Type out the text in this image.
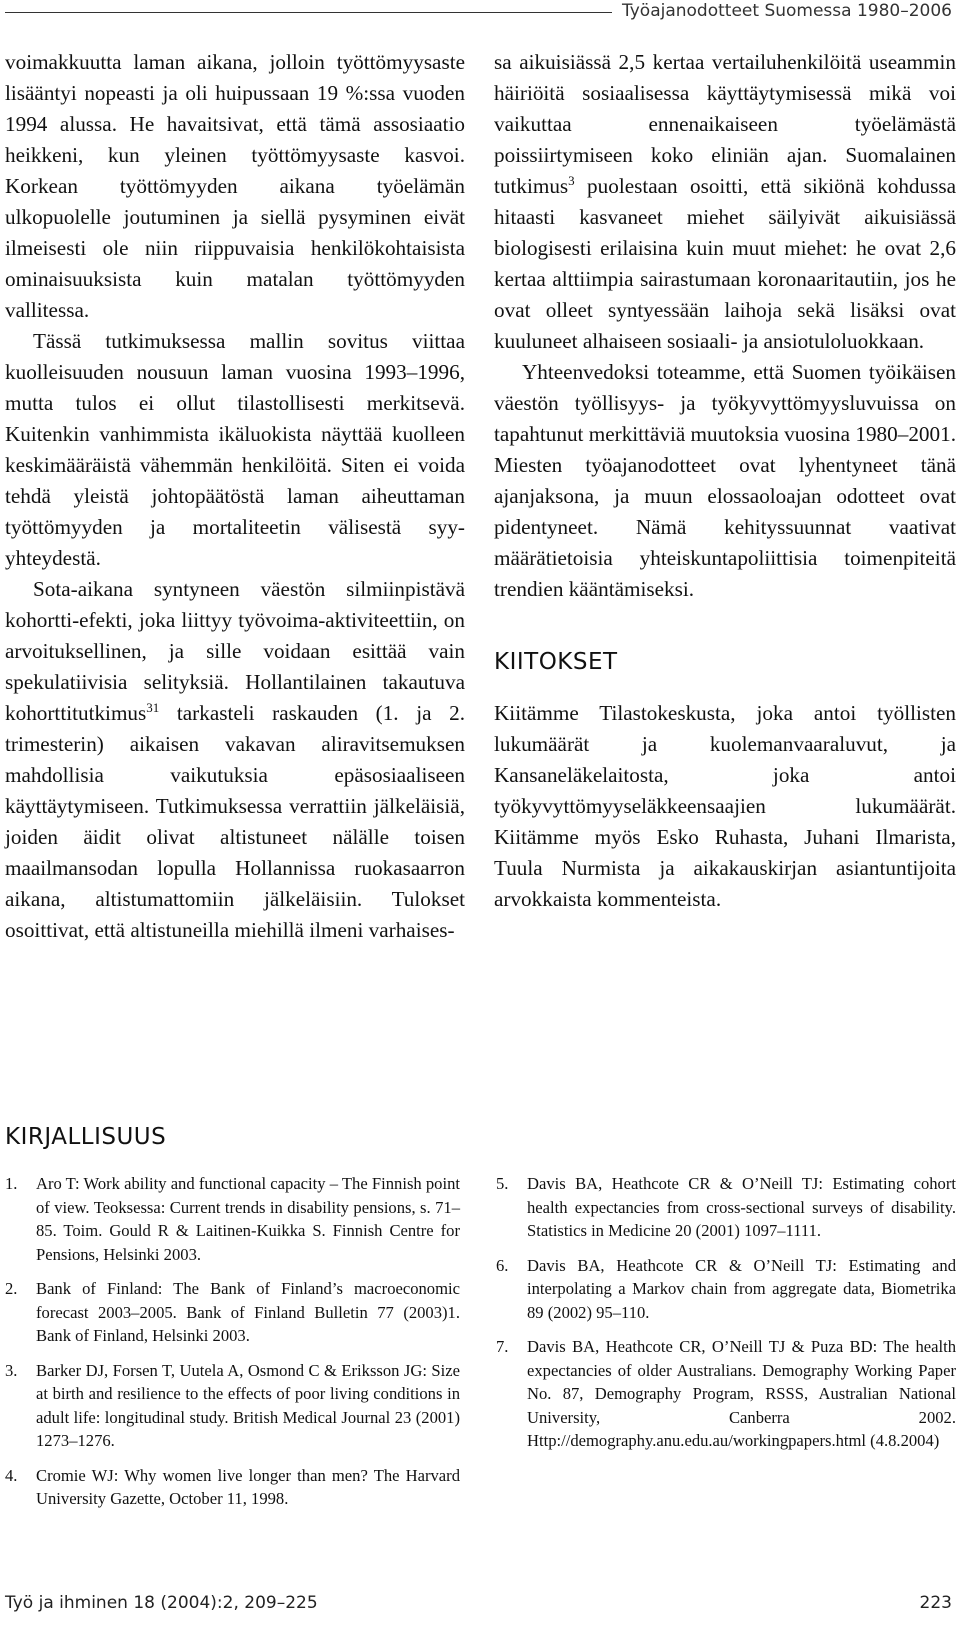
Työajanodotteet Suomessa 1980–2006

voimakkuutta laman aikana, jolloin työttömyysaste lisääntyi nopeasti ja oli huipussaan 19 %:ssa vuoden 1994 alussa. He havaitsivat, että tämä assosiaatio heikkeni, kun yleinen työttömyysaste kasvoi. Korkean työttömyyden aikana työelämän ulkopuolelle joutuminen ja siellä pysyminen eivät ilmeisesti ole niin riippuvaisia henkilökohtaisista ominaisuuksista kuin matalan työttömyyden vallitessa.

Tässä tutkimuksessa mallin sovitus viittaa kuolleisuuden nousuun laman vuosina 1993–1996, mutta tulos ei ollut tilastollisesti merkitsevä. Kuitenkin vanhimmista ikäluokista näyttää kuolleen keskimääräistä vähemmän henkilöitä. Siten ei voida tehdä yleistä johtopäätöstä laman aiheuttaman työttömyyden ja mortaliteetin välisestä syy-yhteydestä.

Sota-aikana syntyneen väestön silmiinpistävä kohortti-efekti, joka liittyy työvoima-aktiviteettiin, on arvoituksellinen, ja sille voidaan esittää vain spekulatiivisia selityksiä. Hollantilainen takautuva kohorttitutkimus$^{31}$ tarkasteli raskauden (1. ja 2. trimesterin) aikaisen vakavan aliravitsemuksen mahdollisia vaikutuksia epäsosiaaliseen käyttäytymiseen. Tutkimuksessa verrattiin jälkeläisiä, joiden äidit olivat altistuneet nälälle toisen maailmansodan lopulla Hollannissa ruokasaarron aikana, altistumattomiin jälkeläisiin. Tulokset osoittivat, että altistuneilla miehillä ilmeni varhaises-

sa aikuisiässä 2,5 kertaa vertailuhenkilöitä useammin häiriöitä sosiaalisessa käyttäytymisessä mikä voi vaikuttaa ennenaikaiseen työelämästä poissiirtymiseen koko eliniän ajan. Suomalainen tutkimus$^3$ puolestaan osoitti, että sikiönä kohdussa hitaasti kasvaneet miehet säilyivät aikuisiässä biologisesti erilaisina kuin muut miehet: he ovat 2,6 kertaa alttiimpia sairastumaan koronaaritautiin, jos he ovat olleet syntyessään laihoja sekä lisäksi ovat kuuluneet alhaiseen sosiaali- ja ansiotuloluokkaan.

Yhteenvedoksi toteamme, että Suomen työikäisen väestön työllisyys- ja työkyvyttömyysluvuissa on tapahtunut merkittäviä muutoksia vuosina 1980–2001. Miesten työajanodotteet ovat lyhentyneet tänä ajanjaksona, ja muun elossaoloajan odotteet ovat pidentyneet. Nämä kehityssuunnat vaativat määrätietoisia yhteiskuntapoliittisia toimenpiteitä trendien kääntämiseksi.

KIITOKSET

Kiitämme Tilastokeskusta, joka antoi työllisten lukumäärät ja kuolemanvaaraluvut, ja Kansaneläkelaitosta, joka antoi työkyvyttömyyseläkkeensaajien lukumäärät. Kiitämme myös Esko Ruhasta, Juhani Ilmarista, Tuula Nurmista ja aikakauskirjan asiantuntijoita arvokkaista kommenteista.

KIRJALLISUUS
1.	Aro T: Work ability and functional capacity – The Finnish point of view. Teoksessa: Current trends in disability pensions, s. 71–85. Toim. Gould R & Laitinen-Kuikka S. Finnish Centre for Pensions, Helsinki 2003.
2.	Bank of Finland: The Bank of Finland’s macroeconomic forecast 2003–2005. Bank of Finland Bulletin 77 (2003)1. Bank of Finland, Helsinki 2003.
3.	Barker DJ, Forsen T, Uutela A, Osmond C & Eriksson JG: Size at birth and resilience to the effects of poor living conditions in adult life: longitudinal study. British Medical Journal 23 (2001) 1273–1276.
4.	Cromie WJ: Why women live longer than men? The Harvard University Gazette, October 11, 1998.
5.	Davis BA, Heathcote CR & O’Neill TJ: Estimating cohort health expectancies from cross-sectional surveys of disability. Statistics in Medicine 20 (2001) 1097–1111.
6.	Davis BA, Heathcote CR & O’Neill TJ: Estimating and interpolating a Markov chain from aggregate data, Biometrika 89 (2002) 95–110.
7.	Davis BA, Heathcote CR, O’Neill TJ & Puza BD: The health expectancies of older Australians. Demography Working Paper No. 87, Demography Program, RSSS, Australian National University, Canberra 2002. Http://demography.anu.edu.au/workingpapers.html (4.8.2004)
Työ ja ihminen 18 (2004):2, 209–225	223
